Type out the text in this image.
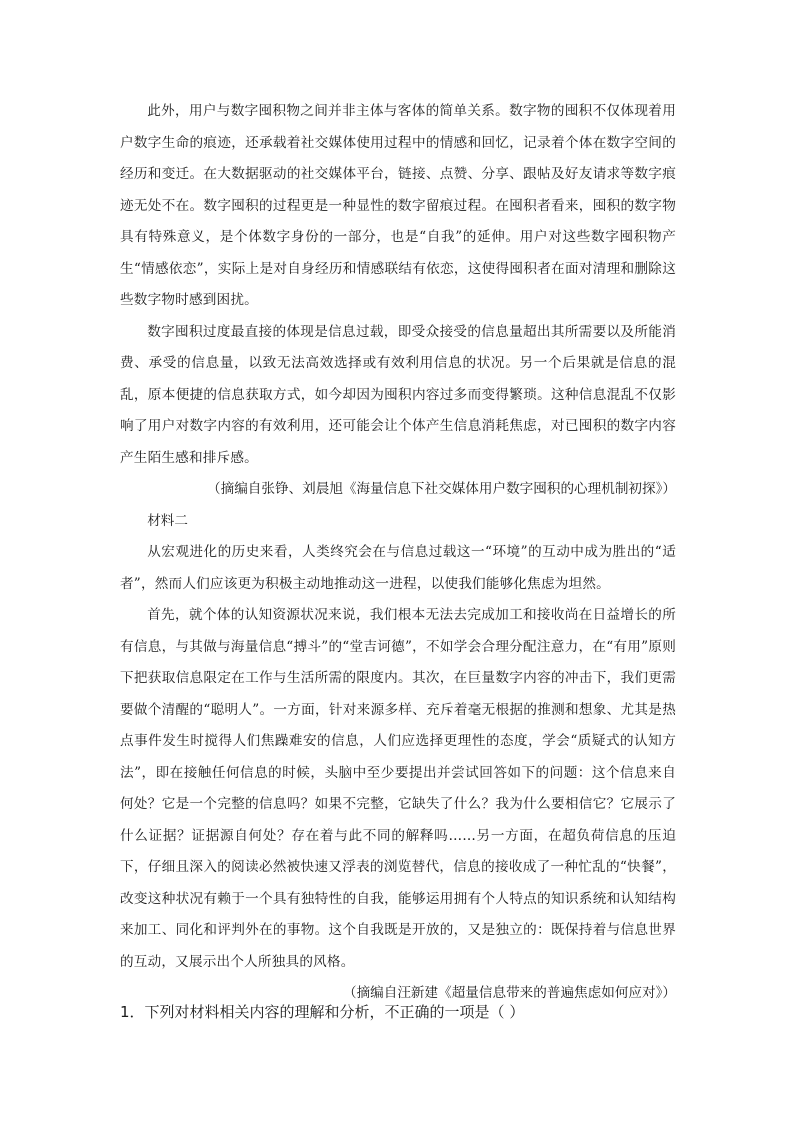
此外，用户与数字囤积物之间并非主体与客体的简单关系。数字物的囤积不仅体现着用户数字生命的痕迹，还承载着社交媒体使用过程中的情感和回忆，记录着个体在数字空间的经历和变迁。在大数据驱动的社交媒体平台，链接、点赞、分享、跟帖及好友请求等数字痕迹无处不在。数字囤积的过程更是一种显性的数字留痕过程。在囤积者看来，囤积的数字物具有特殊意义，是个体数字身份的一部分，也是“自我”的延伸。用户对这些数字囤积物产生“情感依恋”，实际上是对自身经历和情感联结有依恋，这使得囤积者在面对清理和删除这些数字物时感到困扰。

数字囤积过度最直接的体现是信息过载，即受众接受的信息量超出其所需要以及所能消费、承受的信息量，以致无法高效选择或有效利用信息的状况。另一个后果就是信息的混乱，原本便捷的信息获取方式，如今却因为囤积内容过多而变得繁琐。这种信息混乱不仅影响了用户对数字内容的有效利用，还可能会让个体产生信息消耗焦虑，对已囤积的数字内容产生陌生感和排斥感。

（摘编自张铮、刘晨旭《海量信息下社交媒体用户数字囤积的心理机制初探》）

材料二

从宏观进化的历史来看，人类终究会在与信息过载这一“环境”的互动中成为胜出的“适者”，然而人们应该更为积极主动地推动这一进程，以使我们能够化焦虑为坦然。

首先，就个体的认知资源状况来说，我们根本无法去完成加工和接收尚在日益增长的所有信息，与其做与海量信息“搏斗”的“堂吉诃德”，不如学会合理分配注意力，在“有用”原则下把获取信息限定在工作与生活所需的限度内。其次，在巨量数字内容的冲击下，我们更需要做个清醒的“聪明人”。一方面，针对来源多样、充斥着毫无根据的推测和想象、尤其是热点事件发生时搅得人们焦躁难安的信息，人们应选择更理性的态度，学会“质疑式的认知方法”，即在接触任何信息的时候，头脑中至少要提出并尝试回答如下的问题：这个信息来自何处？它是一个完整的信息吗？如果不完整，它缺失了什么？我为什么要相信它？它展示了什么证据？证据源自何处？存在着与此不同的解释吗……另一方面，在超负荷信息的压迫下，仔细且深入的阅读必然被快速又浮表的浏览替代，信息的接收成了一种忙乱的“快餐”，改变这种状况有赖于一个具有独特性的自我，能够运用拥有个人特点的知识系统和认知结构来加工、同化和评判外在的事物。这个自我既是开放的，又是独立的：既保持着与信息世界的互动，又展示出个人所独具的风格。

（摘编自汪新建《超量信息带来的普遍焦虑如何应对》）

1．下列对材料相关内容的理解和分析，不正确的一项是（ ）
